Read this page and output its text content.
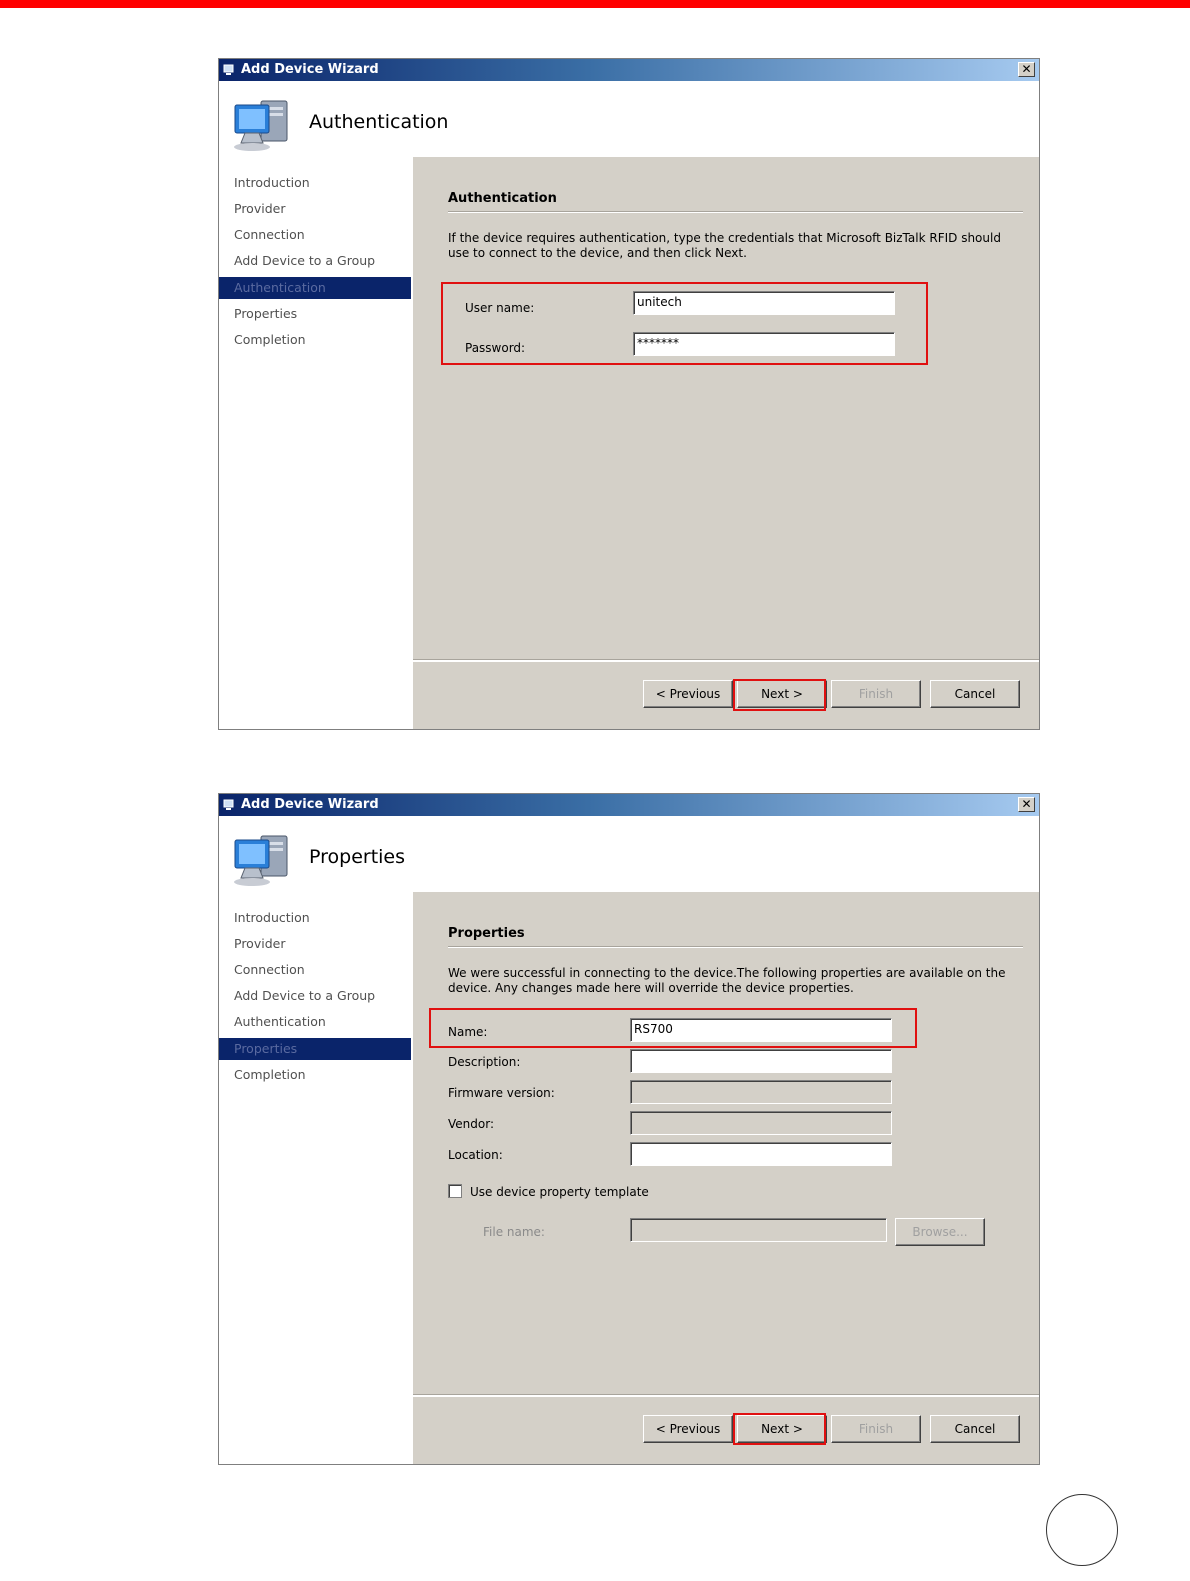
Add Device Wizard	✕
Authentication
Introduction
Provider
Connection
Add Device to a Group
Authentication
Properties
Completion
Authentication
If the device requires authentication, type the credentials that Microsoft BizTalk RFID should use to connect to the device, and then click Next.
User name:	unitech
Password:	*******
< Previous	Next >	Finish	Cancel
Add Device Wizard	✕
Properties
Introduction
Provider
Connection
Add Device to a Group
Authentication
Properties
Completion
Properties
We were successful in connecting to the device.The following properties are available on the device. Any changes made here will override the device properties.
Name:	RS700
Description:
Firmware version:
Vendor:
Location:
Use device property template
File name:	Browse...
< Previous	Next >	Finish	Cancel
